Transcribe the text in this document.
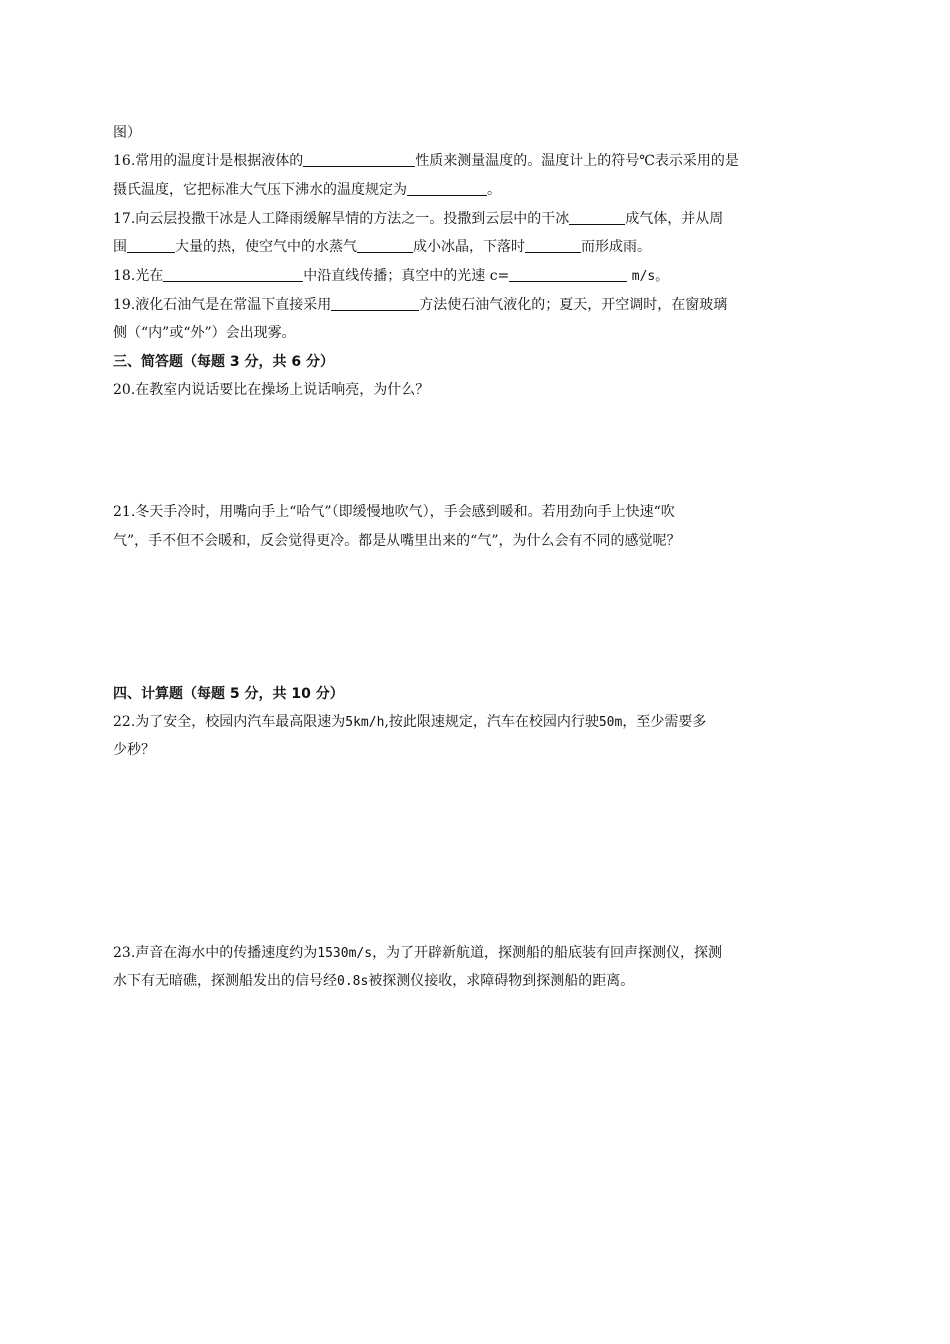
图）
16.常用的温度计是根据液体的	性质来测量温度的。温度计上的符号℃表示采用的是
摄氏温度，它把标准大气压下沸水的温度规定为	。
17.向云层投撒干冰是人工降雨缓解旱情的方法之一。投撒到云层中的干冰	成气体，并从周
围	大量的热，使空气中的水蒸气	成小冰晶，下落时	而形成雨。
18.光在	中沿直线传播；真空中的光速 c=	m/s。
19.液化石油气是在常温下直接采用	方法使石油气液化的；夏天，开空调时，在窗玻璃
侧（“内”或“外”）会出现雾。
三、简答题（每题 3 分，共 6 分）
20.在教室内说话要比在操场上说话响亮，为什么？
21.冬天手冷时，用嘴向手上“哈气”（即缓慢地吹气），手会感到暖和。若用劲向手上快速“吹
气”，手不但不会暖和，反会觉得更冷。都是从嘴里出来的“气”，为什么会有不同的感觉呢？
四、计算题（每题 5 分，共 10 分）
22.为了安全，校园内汽车最高限速为5km/h,按此限速规定，汽车在校园内行驶50m，至少需要多
少秒？
23.声音在海水中的传播速度约为1530m/s，为了开辟新航道，探测船的船底装有回声探测仪，探测
水下有无暗礁，探测船发出的信号经0.8s被探测仪接收，求障碍物到探测船的距离。
